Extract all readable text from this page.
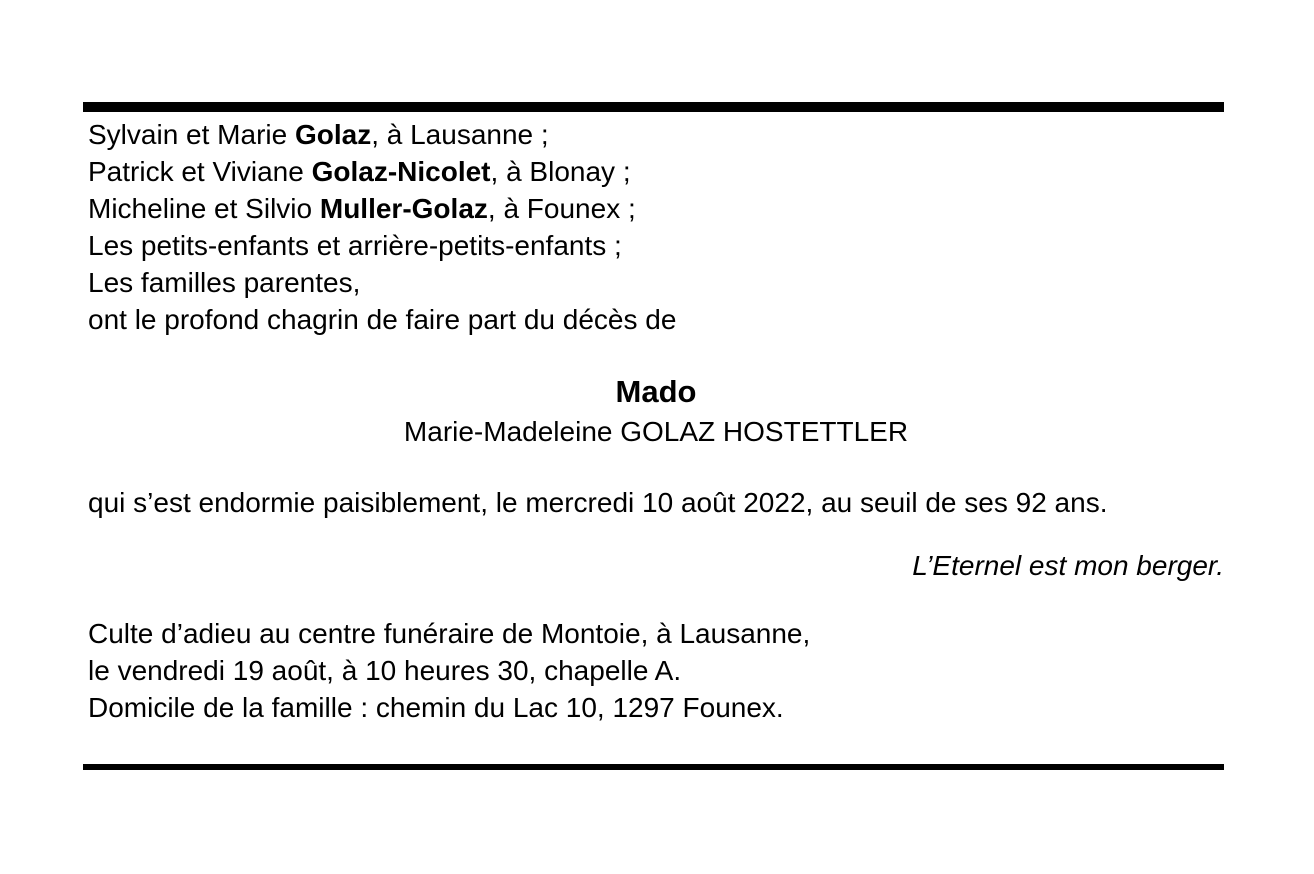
Sylvain et Marie Golaz, à Lausanne ;
Patrick et Viviane Golaz-Nicolet, à Blonay ;
Micheline et Silvio Muller-Golaz, à Founex ;
Les petits-enfants et arrière-petits-enfants ;
Les familles parentes,
ont le profond chagrin de faire part du décès de
Mado
Marie-Madeleine GOLAZ HOSTETTLER
qui s’est endormie paisiblement, le mercredi 10 août 2022, au seuil de ses 92 ans.
L’Eternel est mon berger.
Culte d’adieu au centre funéraire de Montoie, à Lausanne,
le vendredi 19 août, à 10 heures 30, chapelle A.
Domicile de la famille : chemin du Lac 10, 1297 Founex.
